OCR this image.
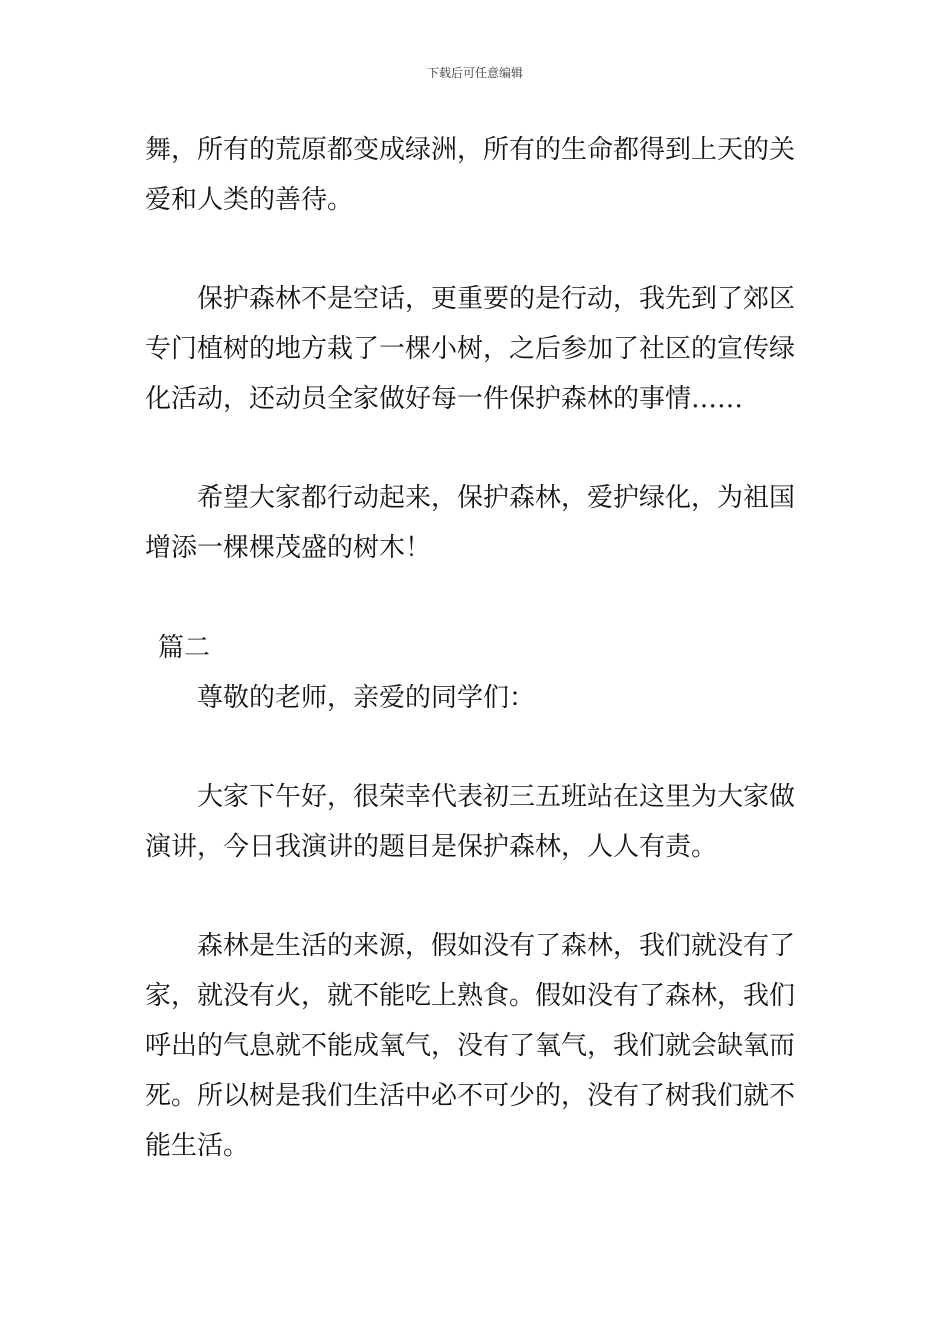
下载后可任意编辑
舞，所有的荒原都变成绿洲，所有的生命都得到上天的关
爱和人类的善待。
保护森林不是空话，更重要的是行动，我先到了郊区
专门植树的地方栽了一棵小树，之后参加了社区的宣传绿
化活动，还动员全家做好每一件保护森林的事情……
希望大家都行动起来，保护森林，爱护绿化，为祖国
增添一棵棵茂盛的树木！
篇二
尊敬的老师，亲爱的同学们：
大家下午好，很荣幸代表初三五班站在这里为大家做
演讲，今日我演讲的题目是保护森林，人人有责。
森林是生活的来源，假如没有了森林，我们就没有了
家，就没有火，就不能吃上熟食。假如没有了森林，我们
呼出的气息就不能成氧气，没有了氧气，我们就会缺氧而
死。所以树是我们生活中必不可少的，没有了树我们就不
能生活。
